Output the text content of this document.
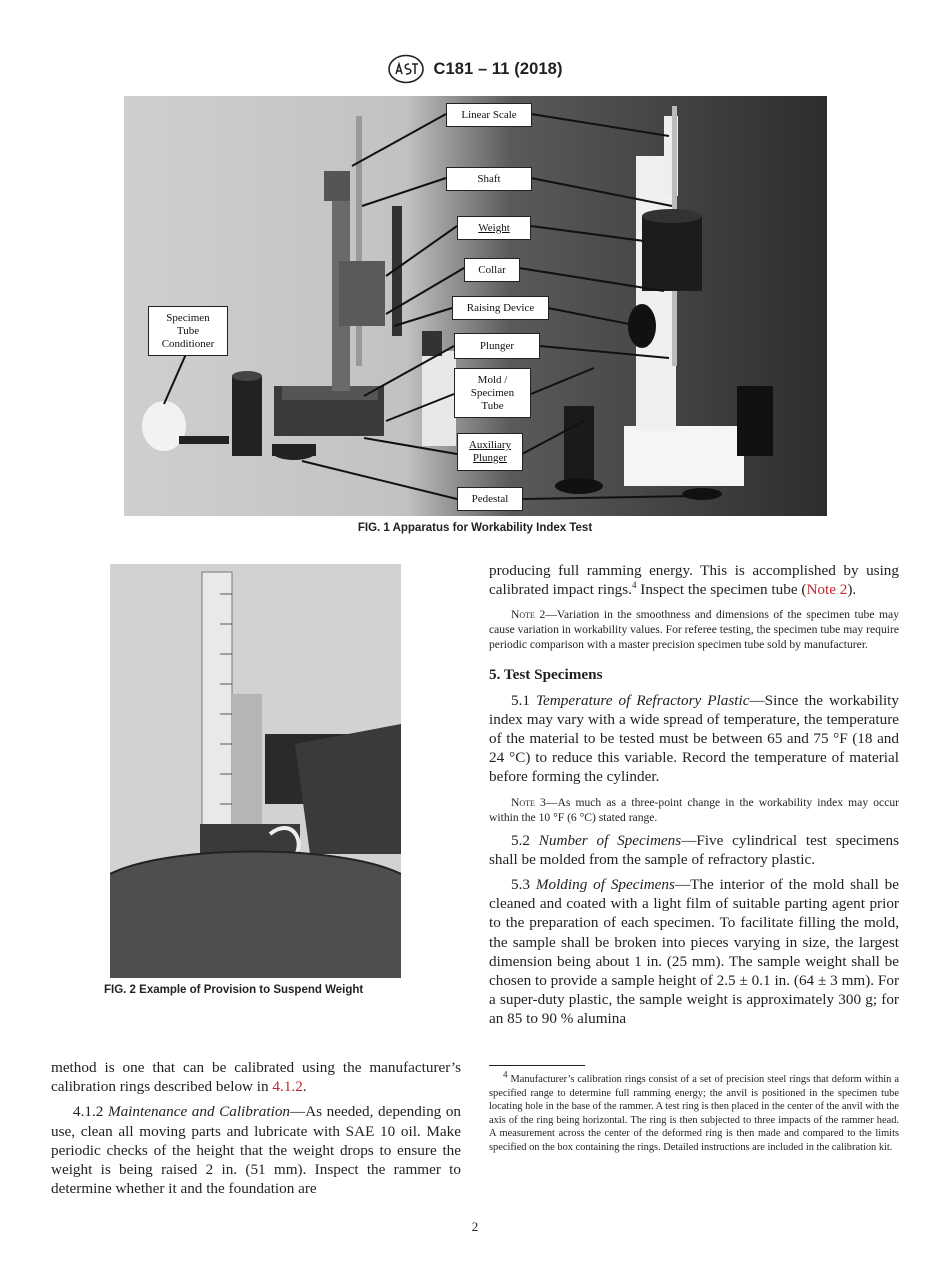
C181 – 11 (2018)
Linear Scale
Shaft
Weight
Collar
Raising Device
Plunger
Mold /
Specimen
Tube
Auxiliary
Plunger
Pedestal
Specimen
Tube
Conditioner
FIG. 1 Apparatus for Workability Index Test
FIG. 2 Example of Provision to Suspend Weight

producing full ramming energy. This is accomplished by using calibrated impact rings.$^4$ Inspect the specimen tube (Note 2).

Note 2—Variation in the smoothness and dimensions of the specimen tube may cause variation in workability values. For referee testing, the specimen tube may require periodic comparison with a master precision specimen tube sold by manufacturer.

5. Test Specimens

5.1 Temperature of Refractory Plastic—Since the workability index may vary with a wide spread of temperature, the temperature of the material to be tested must be between 65 and 75 °F (18 and 24 °C) to reduce this variable. Record the temperature of material before forming the cylinder.

Note 3—As much as a three-point change in the workability index may occur within the 10 °F (6 °C) stated range.

5.2 Number of Specimens—Five cylindrical test specimens shall be molded from the sample of refractory plastic.

5.3 Molding of Specimens—The interior of the mold shall be cleaned and coated with a light film of suitable parting agent prior to the preparation of each specimen. To facilitate filling the mold, the sample shall be broken into pieces varying in size, the largest dimension being about 1 in. (25 mm). The sample weight shall be chosen to provide a sample height of 2.5 ± 0.1 in. (64 ± 3 mm). For a super-duty plastic, the sample weight is approximately 300 g; for an 85 to 90 % alumina

method is one that can be calibrated using the manufacturer’s calibration rings described below in 4.1.2.

4.1.2 Maintenance and Calibration—As needed, depending on use, clean all moving parts and lubricate with SAE 10 oil. Make periodic checks of the height that the weight drops to ensure the weight is being raised 2 in. (51 mm). Inspect the rammer to determine whether it and the foundation are

$^4$ Manufacturer’s calibration rings consist of a set of precision steel rings that deform within a specified range to determine full ramming energy; the anvil is positioned in the specimen tube locating hole in the base of the rammer. A test ring is then placed in the center of the anvil with the axis of the ring being horizontal. The ring is then subjected to three impacts of the rammer head. A measurement across the center of the deformed ring is then made and compared to the limits specified on the box containing the rings. Detailed instructions are included in the calibration kit.
2
